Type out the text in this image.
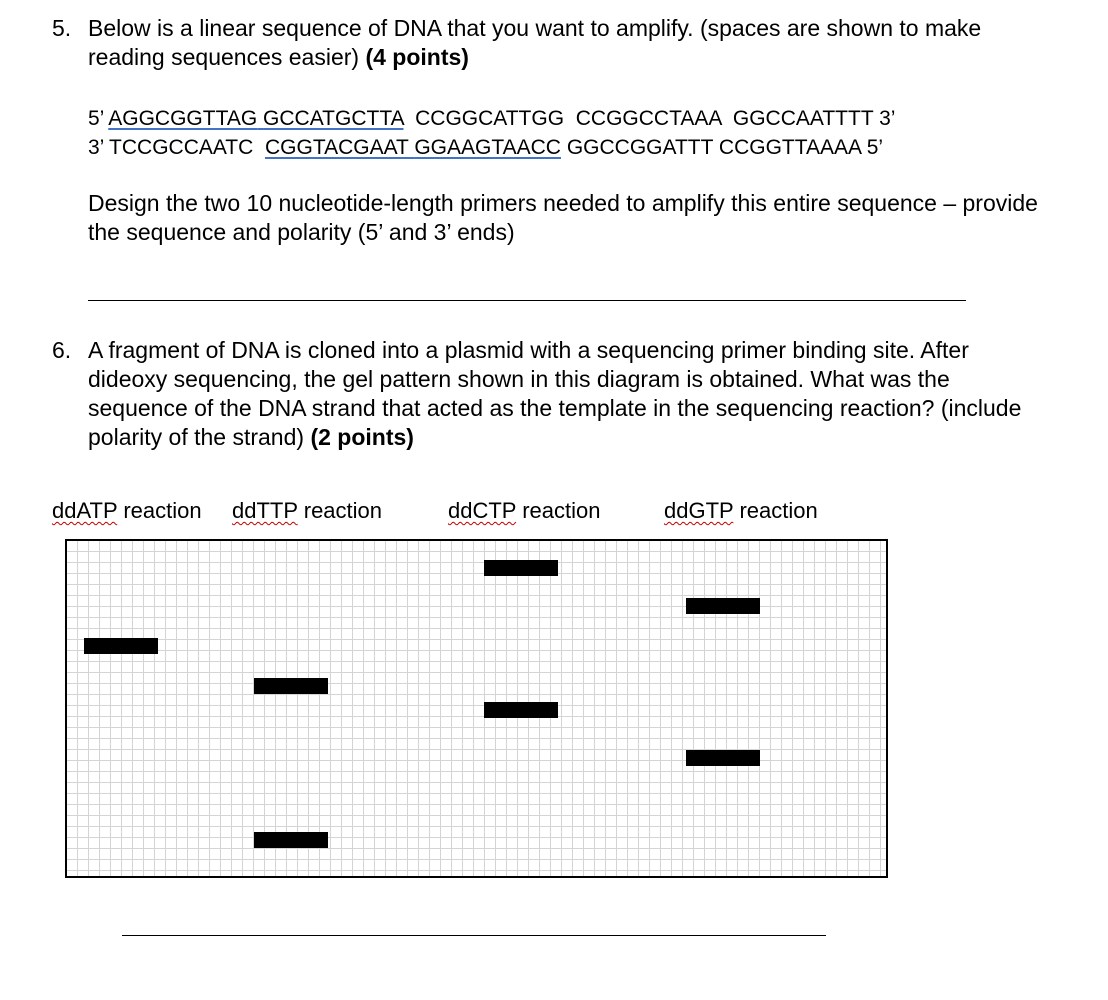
5. Below is a linear sequence of DNA that you want to amplify. (spaces are shown to make
reading sequences easier) (4 points)
5’ AGGCGGTTAG GCCATGCTTA CCGGCATTGG CCGGCCTAAA GGCCAATTTT 3’
3’ TCCGCCAATC CGGTACGAAT GGAAGTAACC GGCCGGATTT CCGGTTAAAA 5’
Design the two 10 nucleotide-length primers needed to amplify this entire sequence – provide
the sequence and polarity (5’ and 3’ ends)
6. A fragment of DNA is cloned into a plasmid with a sequencing primer binding site. After
dideoxy sequencing, the gel pattern shown in this diagram is obtained. What was the
sequence of the DNA strand that acted as the template in the sequencing reaction? (include
polarity of the strand) (2 points)
ddATP reaction ddTTP reaction	ddCTP reaction	ddGTP reaction
